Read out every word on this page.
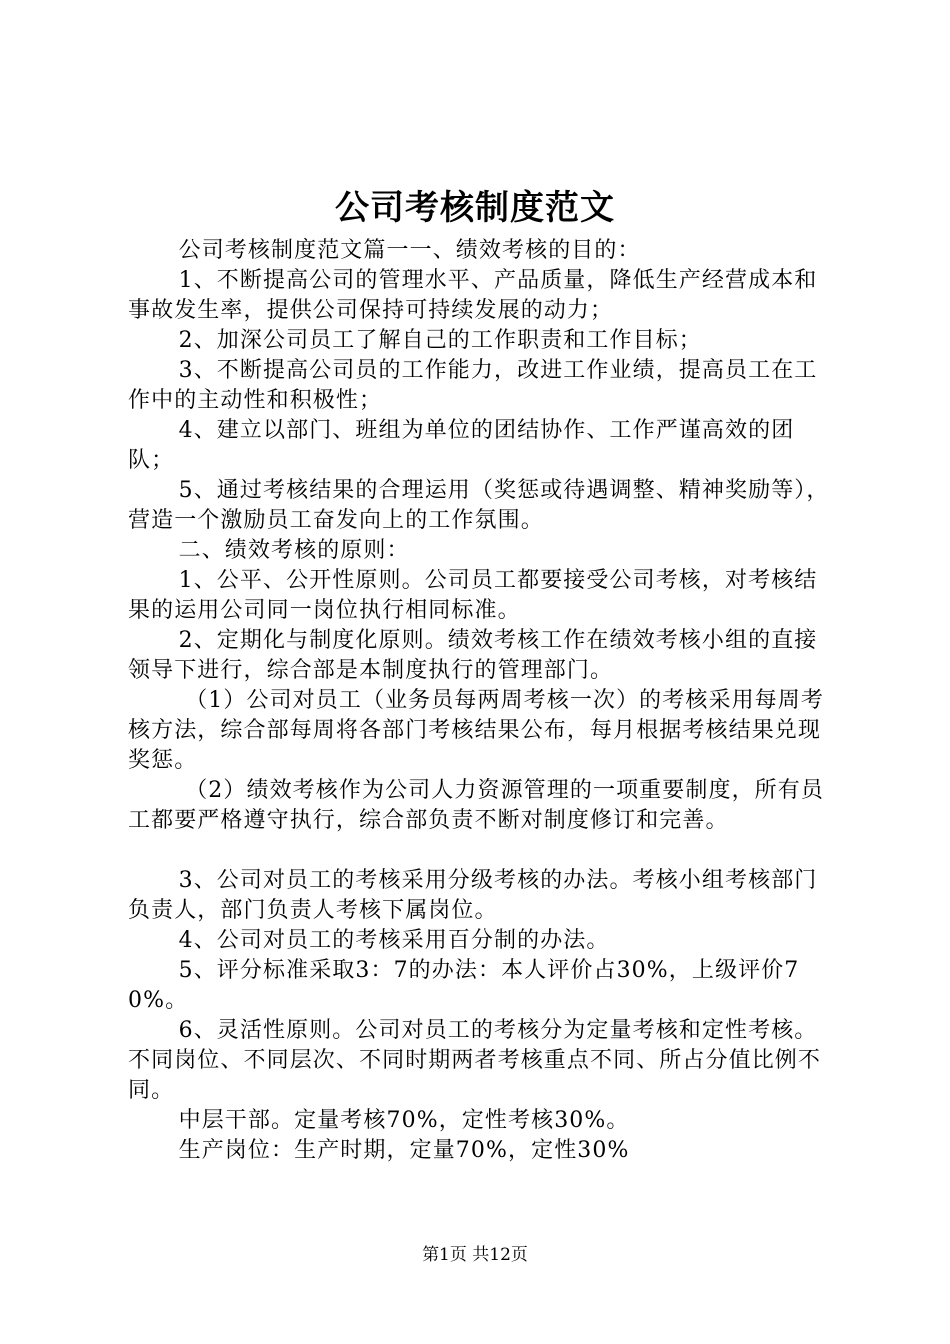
公司考核制度范文

公司考核制度范文篇一一、绩效考核的目的：

1、不断提高公司的管理水平、产品质量，降低生产经营成本和事故发生率，提供公司保持可持续发展的动力；

2、加深公司员工了解自己的工作职责和工作目标；

3、不断提高公司员的工作能力，改进工作业绩，提高员工在工作中的主动性和积极性；

4、建立以部门、班组为单位的团结协作、工作严谨高效的团队；

5、通过考核结果的合理运用（奖惩或待遇调整、精神奖励等），营造一个激励员工奋发向上的工作氛围。

二、绩效考核的原则：

1、公平、公开性原则。公司员工都要接受公司考核，对考核结果的运用公司同一岗位执行相同标准。

2、定期化与制度化原则。绩效考核工作在绩效考核小组的直接领导下进行，综合部是本制度执行的管理部门。

（1）公司对员工（业务员每两周考核一次）的考核采用每周考核方法，综合部每周将各部门考核结果公布，每月根据考核结果兑现奖惩。

（2）绩效考核作为公司人力资源管理的一项重要制度，所有员工都要严格遵守执行，综合部负责不断对制度修订和完善。

3、公司对员工的考核采用分级考核的办法。考核小组考核部门负责人，部门负责人考核下属岗位。

4、公司对员工的考核采用百分制的办法。

5、评分标准采取3：7的办法：本人评价占30%，上级评价70%。

6、灵活性原则。公司对员工的考核分为定量考核和定性考核。不同岗位、不同层次、不同时期两者考核重点不同、所占分值比例不同。

中层干部。定量考核70%，定性考核30%。

生产岗位：生产时期，定量70%，定性30%

第1页 共12页
